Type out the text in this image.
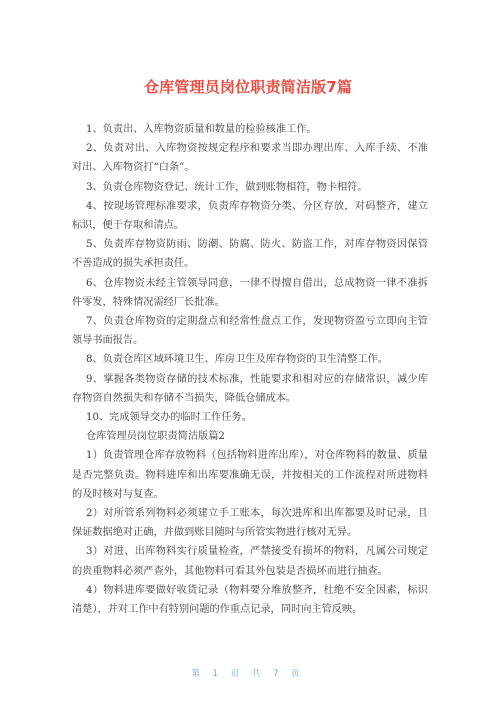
仓库管理员岗位职责简洁版7篇

1、负责出、入库物资质量和数量的检验核准工作。

2、负责对出、入库物资按规定程序和要求当即办理出库、入库手续、不准对出、入库物资打“白条”。

3、负责仓库物资登记、统计工作，做到账物相符，物卡相符。

4、按现场管理标准要求，负责库存物资分类、分区存放，对码整齐，建立标识，便于存取和清点。

5、负责库存物资防雨、防潮、防腐、防火、防盗工作，对库存物资因保管不善造成的损失承担责任。

6、仓库物资未经主管领导同意，一律不得擅自借出，总成物资一律不准拆件零发，特殊情况需经厂长批准。

7、负责仓库物资的定期盘点和经常性盘点工作，发现物资盈亏立即向主管领导书面报告。

8、负责仓库区域环境卫生、库房卫生及库存物资的卫生清整工作。

9、掌握各类物资存储的技术标准，性能要求和相对应的存储常识，减少库存物资自然损失和存储不当损失，降低仓储成本。

10、完成领导交办的临时工作任务。

仓库管理员岗位职责简洁版篇2

1）负责管理仓库存放物料（包括物料进库出库），对仓库物料的数量、质量是否完整负责。物料进库和出库要准确无误，并按相关的工作流程对所进物料的及时核对与复查。

2）对所管系列物料必须建立手工账本，每次进库和出库都要及时记录，且保证数据绝对正确，并做到账目随时与所管实物进行核对无异。

3）对进、出库物料实行质量检查，严禁接受有损坏的物料，凡属公司规定的贵重物料必须严查外，其他物料可看其外包装是否损坏而进行抽查。

4）物料进库要做好收货记录（物料要分堆放整齐，杜绝不安全因素，标识清楚），并对工作中有特别问题的作重点记录，同时向主管反映。

第 1 页 共 7 页
